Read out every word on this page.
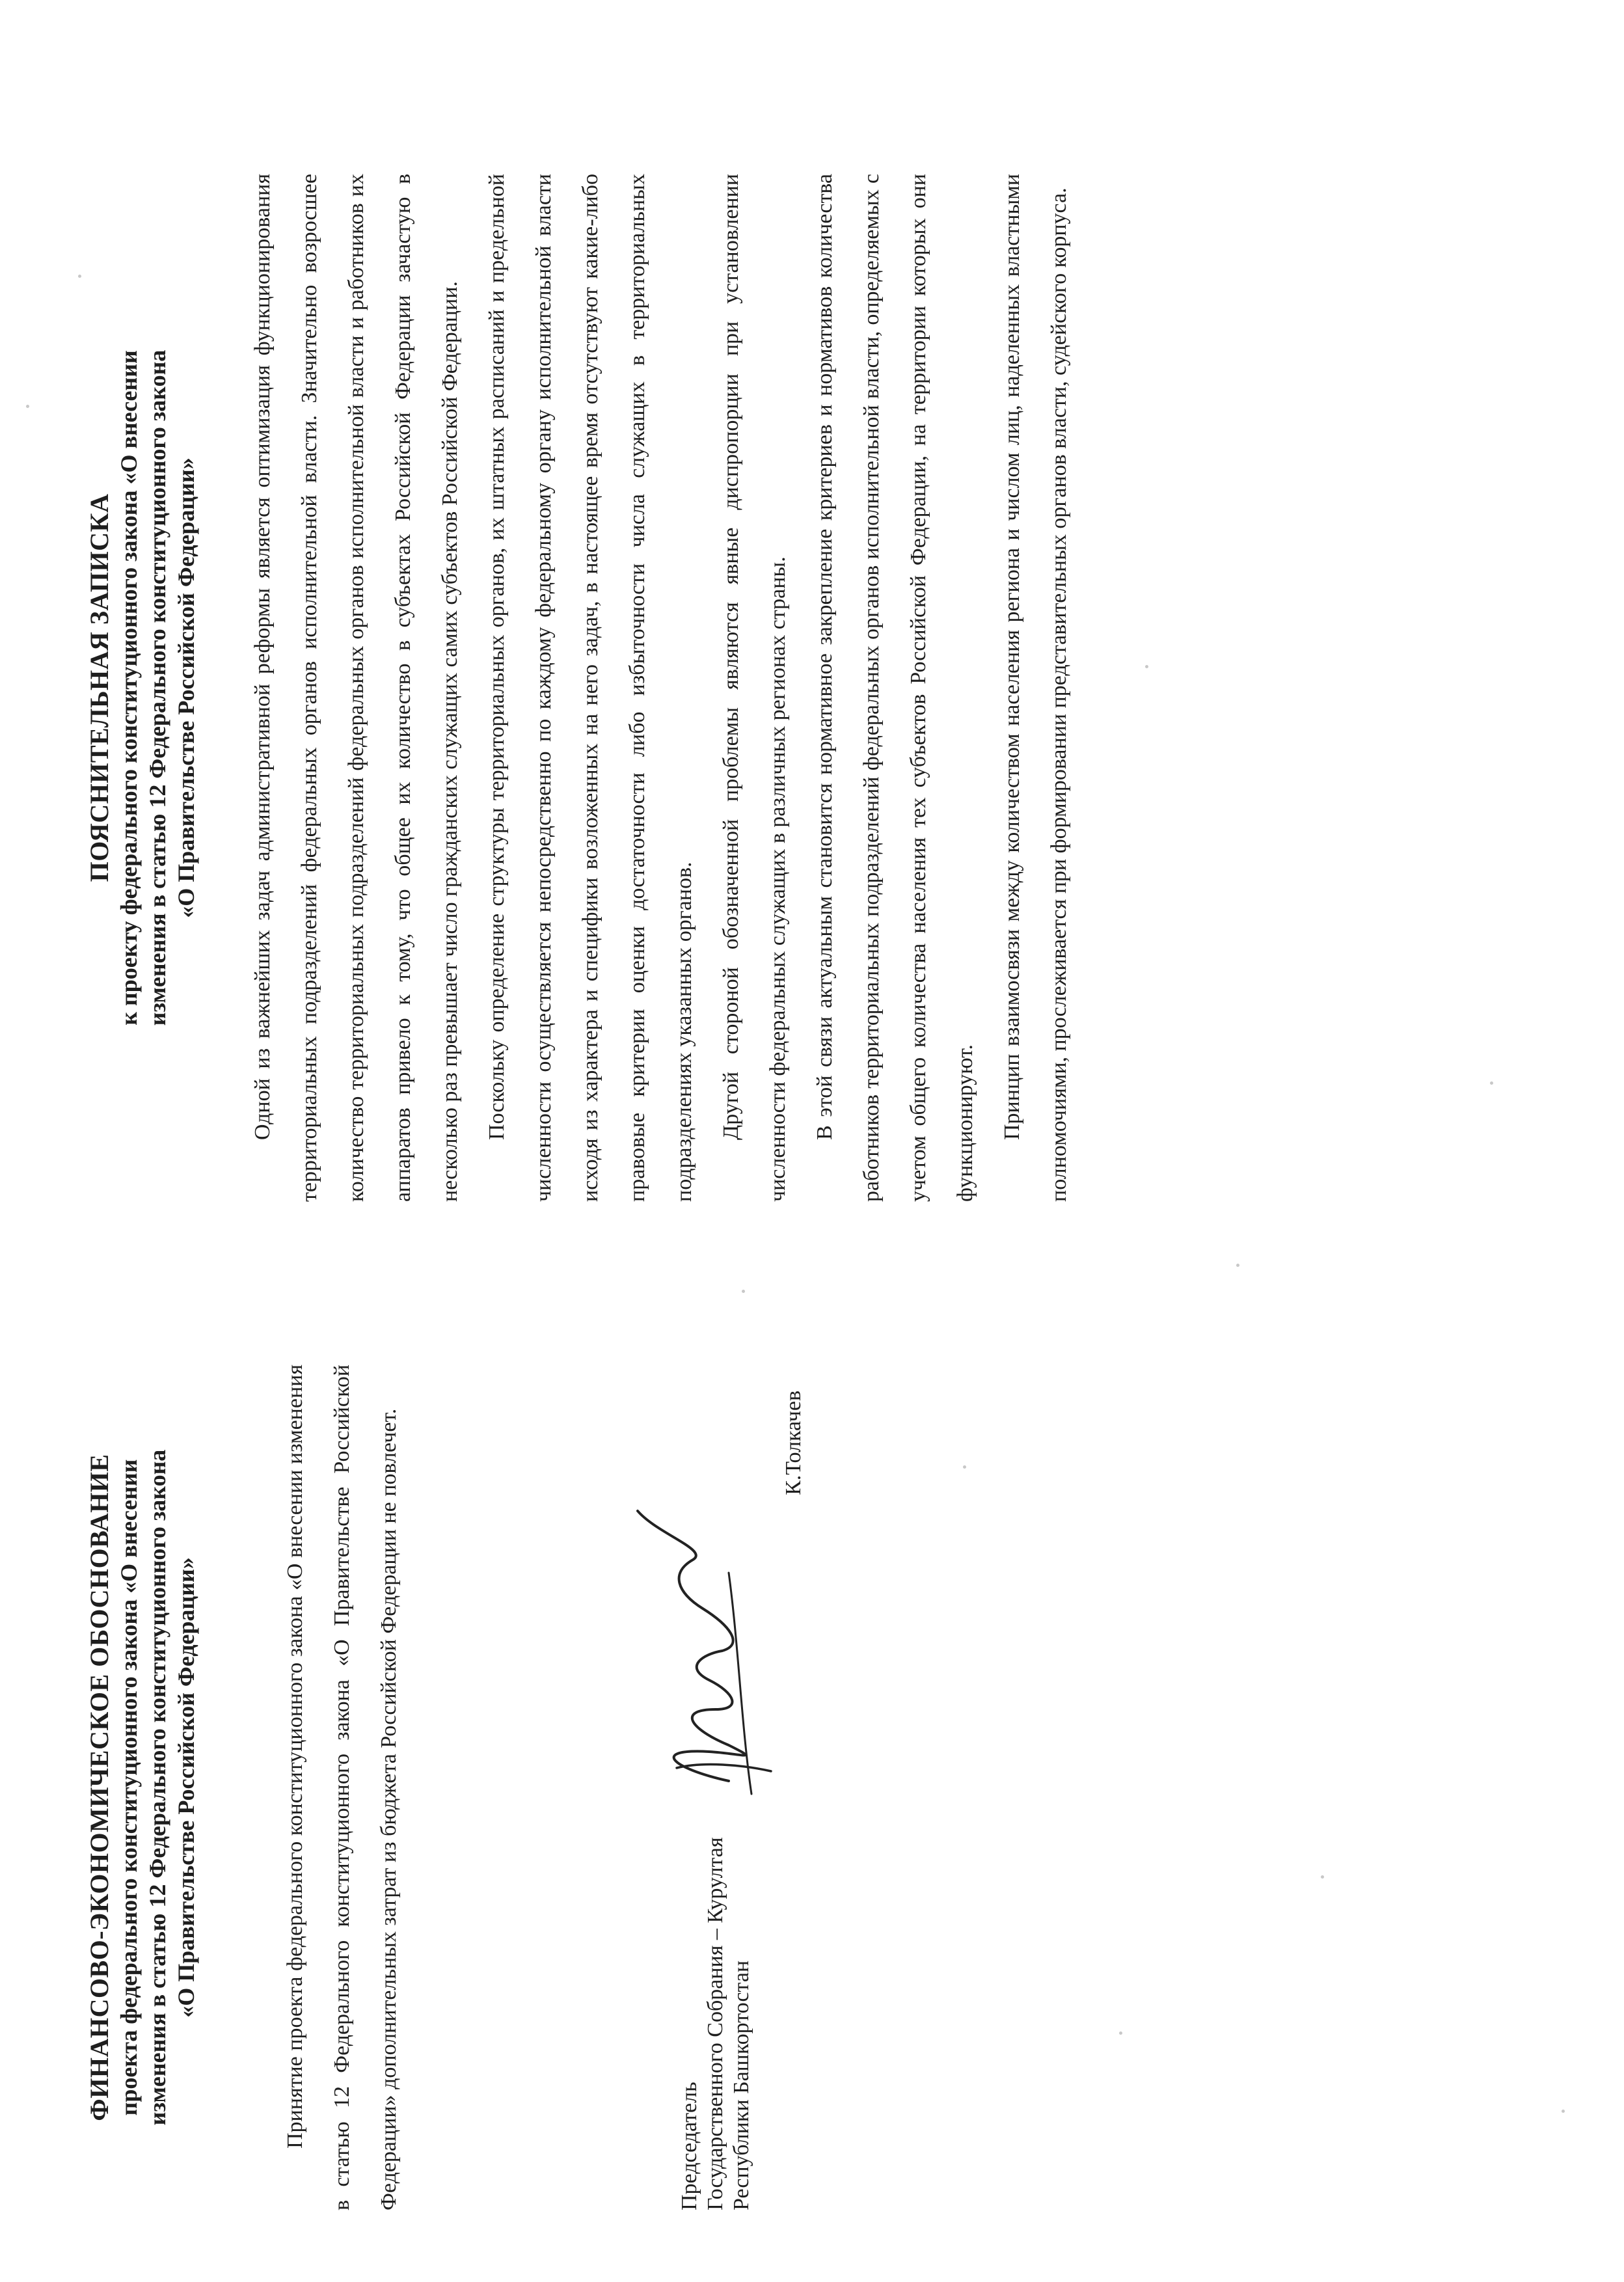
ФИНАНСОВО-ЭКОНОМИЧЕСКОЕ ОБОСНОВАНИЕ проекта федерального конституционного закона «О внесении изменения в статью 12 Федерального конституционного закона «О Правительстве Российской Федерации»	Принятие проекта федерального конституционного закона «О внесении изменения в статью 12 Федерального конституционного закона «О Правительстве Российской Федерации» дополнительных затрат из бюджета Российской Федерации не повлечет.	Председатель Государственного Собрания – Курултая Республики Башкортостан
К.Толкачев
ПОЯСНИТЕЛЬНАЯ ЗАПИСКА к проекту федерального конституционного закона «О внесении изменения в статью 12 Федерального конституционного закона «О Правительстве Российской Федерации»	Одной из важнейших задач административной реформы является оптимизация функционирования территориальных подразделений федеральных органов исполнительной власти. Значительно возросшее количество территориальных подразделений федеральных органов исполнительной власти и работников их аппаратов привело к тому, что общее их количество в субъектах Российской Федерации зачастую в несколько раз превышает число гражданских служащих самих субъектов Российской Федерации.	Поскольку определение структуры территориальных органов, их штатных расписаний и предельной численности осуществляется непосредственно по каждому федеральному органу исполнительной власти исходя из характера и специфики возложенных на него задач, в настоящее время отсутствуют какие-либо правовые критерии оценки достаточности либо избыточности числа служащих в территориальных подразделениях указанных органов.	Другой стороной обозначенной проблемы являются явные диспропорции при установлении численности федеральных служащих в различных регионах страны.	В этой связи актуальным становится нормативное закрепление критериев и нормативов количества работников территориальных подразделений федеральных органов исполнительной власти, определяемых с учетом общего количества населения тех субъектов Российской Федерации, на территории которых они функционируют.	Принцип взаимосвязи между количеством населения региона и числом лиц, наделенных властными полномочиями, прослеживается при формировании представительных органов власти, судейского корпуса.
